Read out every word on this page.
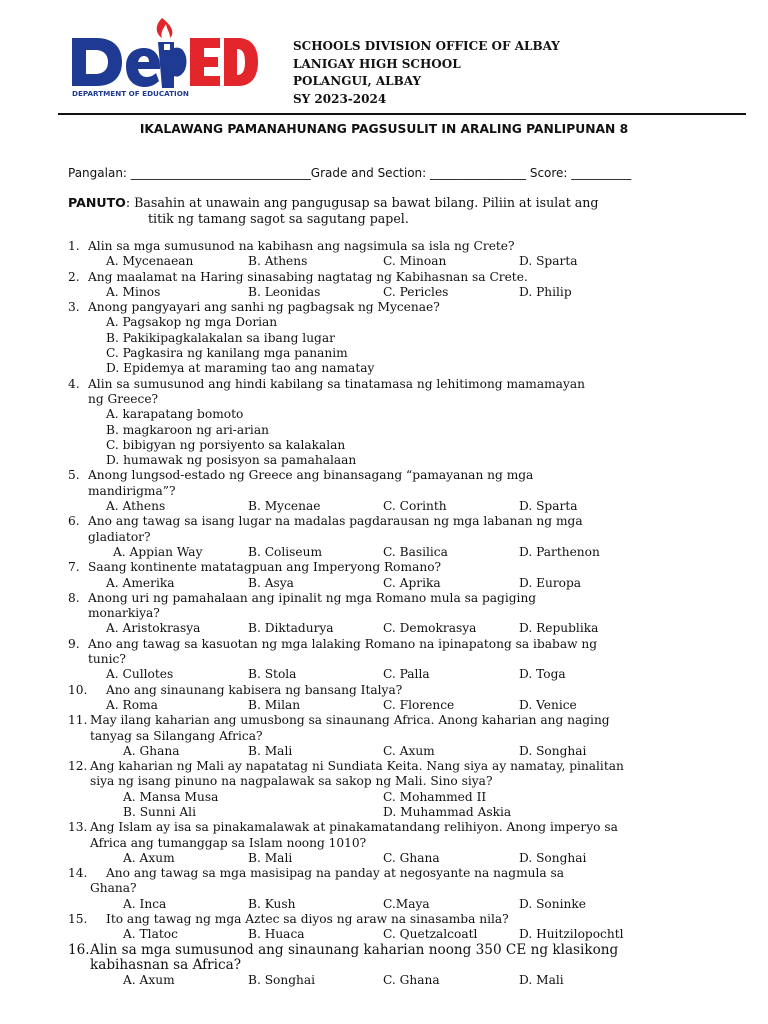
DEPARTMENT OF EDUCATION
SCHOOLS DIVISION OFFICE OF ALBAY
LANIGAY HIGH SCHOOL
POLANGUI, ALBAY
SY 2023-2024
IKALAWANG PAMANAHUNANG PAGSUSULIT IN ARALING PANLIPUNAN 8
Pangalan: ______________________________Grade and Section: ________________ Score: __________
PANUTO: Basahin at unawain ang pangugusap sa bawat bilang. Piliin at isulat ang
titik ng tamang sagot sa sagutang papel.
1. Alin sa mga sumusunod na kabihasn ang nagsimula sa isla ng Crete?
A. Mycenaean	B. Athens	C. Minoan	D. Sparta
2. Ang maalamat na Haring sinasabing nagtatag ng Kabihasnan sa Crete.
A. Minos	B. Leonidas	C. Pericles	D. Philip
3. Anong pangyayari ang sanhi ng pagbagsak ng Mycenae?
A. Pagsakop ng mga Dorian
B. Pakikipagkalakalan sa ibang lugar
C. Pagkasira ng kanilang mga pananim
D. Epidemya at maraming tao ang namatay
4. Alin sa sumusunod ang hindi kabilang sa tinatamasa ng lehitimong mamamayan
ng Greece?
A. karapatang bomoto
B. magkaroon ng ari-arian
C. bibigyan ng porsiyento sa kalakalan
D. humawak ng posisyon sa pamahalaan
5. Anong lungsod-estado ng Greece ang binansagang “pamayanan ng mga
mandirigma”?
A. Athens	B. Mycenae	C. Corinth	D. Sparta
6. Ano ang tawag sa isang lugar na madalas pagdarausan ng mga labanan ng mga
gladiator?
A. Appian Way	B. Coliseum	C. Basilica	D. Parthenon
7. Saang kontinente matatagpuan ang Imperyong Romano?
A. Amerika	B. Asya	C. Aprika	D. Europa
8. Anong uri ng pamahalaan ang ipinalit ng mga Romano mula sa pagiging
monarkiya?
A. Aristokrasya	B. Diktadurya	C. Demokrasya	D. Republika
9. Ano ang tawag sa kasuotan ng mga lalaking Romano na ipinapatong sa ibabaw ng
tunic?
A. Cullotes	B. Stola	C. Palla	D. Toga
10.	Ano ang sinaunang kabisera ng bansang Italya?
A. Roma	B. Milan	C. Florence	D. Venice
11. May ilang kaharian ang umusbong sa sinaunang Africa. Anong kaharian ang naging
tanyag sa Silangang Africa?
A. Ghana	B. Mali	C. Axum	D. Songhai
12. Ang kaharian ng Mali ay napatatag ni Sundiata Keita. Nang siya ay namatay, pinalitan
siya ng isang pinuno na nagpalawak sa sakop ng Mali. Sino siya?
A. Mansa Musa	C. Mohammed II
B. Sunni Ali	D. Muhammad Askia
13. Ang Islam ay isa sa pinakamalawak at pinakamatandang relihiyon. Anong imperyo sa
Africa ang tumanggap sa Islam noong 1010?
A. Axum	B. Mali	C. Ghana	D. Songhai
14.	Ano ang tawag sa mga masisipag na panday at negosyante na nagmula sa
Ghana?
A. Inca	B. Kush	C.Maya	D. Soninke
15.	Ito ang tawag ng mga Aztec sa diyos ng araw na sinasamba nila?
A. Tlatoc	B. Huaca	C. Quetzalcoatl	D. Huitzilopochtl
16. Alin sa mga sumusunod ang sinaunang kaharian noong 350 CE ng klasikong
kabihasnan sa Africa?
A. Axum	B. Songhai	C. Ghana	D. Mali
